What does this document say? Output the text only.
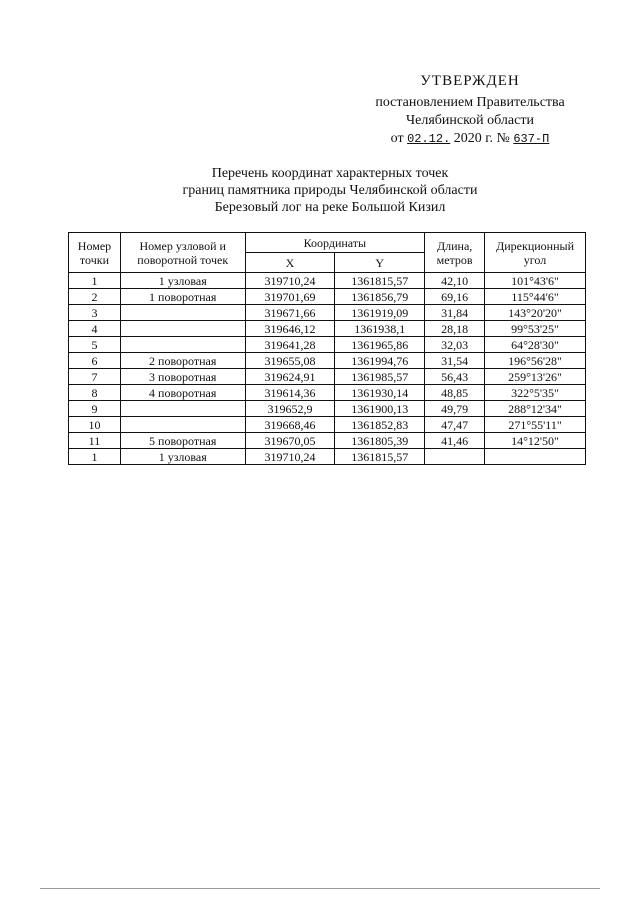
УТВЕРЖДЕН
постановлением Правительства
Челябинской области
от 02.12. 2020 г. № 637-П
Перечень координат характерных точек
границ памятника природы Челябинской области
Березовый лог на реке Большой Кизил
Номер точки	Номер узловой и поворотной точек	Координаты		Длина, метров	Дирекционный угол
		X	Y		
1	1 узловая	319710,24	1361815,57	42,10	101°43'6"
2	1 поворотная	319701,69	1361856,79	69,16	115°44'6"
3		319671,66	1361919,09	31,84	143°20'20"
4		319646,12	1361938,1	28,18	99°53'25"
5		319641,28	1361965,86	32,03	64°28'30"
6	2 поворотная	319655,08	1361994,76	31,54	196°56'28"
7	3 поворотная	319624,91	1361985,57	56,43	259°13'26"
8	4 поворотная	319614,36	1361930,14	48,85	322°5'35"
9		319652,9	1361900,13	49,79	288°12'34"
10		319668,46	1361852,83	47,47	271°55'11"
11	5 поворотная	319670,05	1361805,39	41,46	14°12'50"
1	1 узловая	319710,24	1361815,57		
